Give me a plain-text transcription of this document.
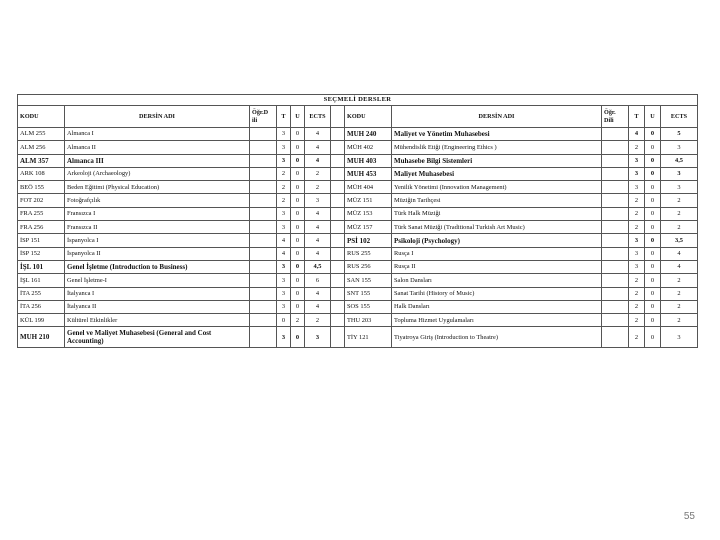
SEÇMELİ DERSLER												
KODU	DERSİN ADI	Öğr.D ili	T	U	ECTS		KODU	DERSİN ADI	Öğr. Dili	T	U	ECTS
ALM 255	Almanca I		3	0	4		MUH 240	Maliyet ve Yönetim Muhasebesi		4	0	5
ALM 256	Almanca II		3	0	4		MÜH 402	Mühendislik Etiği (Engineering Ethics )		2	0	3
ALM 357	Almanca III		3	0	4		MUH 403	Muhasebe Bilgi Sistemleri		3	0	4,5
ARK 108	Arkeoloji (Archaeology)		2	0	2		MUH 453	Maliyet Muhasebesi		3	0	3
BEÖ 155	Beden Eğitimi (Physical Education)		2	0	2		MÜH 404	Yenilik Yönetimi (Innovation Management)		3	0	3
FOT 202	Fotoğrafçılık		2	0	3		MÜZ 151	Müziğin Tarihçesi		2	0	2
FRA 255	Fransızca I		3	0	4		MÜZ 153	Türk Halk Müziği		2	0	2
FRA 256	Fransızca II		3	0	4		MÜZ 157	Türk Sanat Müziği (Traditional Turkish Art Music)		2	0	2
İSP 151	İspanyolca I		4	0	4		PSİ 102	Psikoloji (Psychology)		3	0	3,5
İSP 152	İspanyolca II		4	0	4		RUS 255	Rusça I		3	0	4
İŞL 101	Genel İşletme (Introduction to Business)		3	0	4,5		RUS 256	Rusça II		3	0	4
İŞL 161	Genel İşletme-I		3	0	6		SAN 155	Salon Dansları		2	0	2
İTA 255	İtalyanca I		3	0	4		SNT 155	Sanat Tarihi (History of Music)		2	0	2
İTA 256	İtalyanca II		3	0	4		SOS 155	Halk Dansları		2	0	2
KÜL 199	Kültürel Etkinlikler		0	2	2		THU 203	Topluma Hizmet Uygulamaları		2	0	2
MUH 210	Genel ve Maliyet Muhasebesi (General and Cost Accounting)		3	0	3		TİY 121	Tiyatroya Giriş (Introduction to Theatre)		2	0	3
55
